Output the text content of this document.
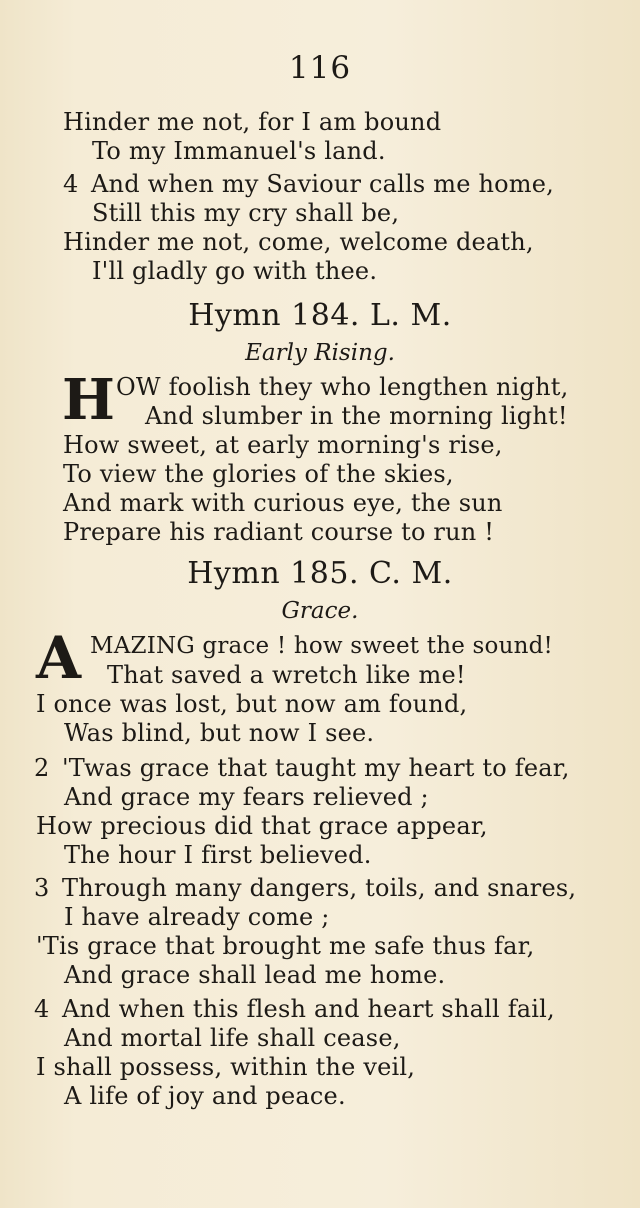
116
Hinder me not, for I am bound
To my Immanuel's land.
4 And when my Saviour calls me home,
Still this my cry shall be,
Hinder me not, come, welcome death,
I'll gladly go with thee.
Hymn 184. L. M.
Early Rising.
H OW foolish they who lengthen night,
And slumber in the morning light!
How sweet, at early morning's rise,
To view the glories of the skies,
And mark with curious eye, the sun
Prepare his radiant course to run !
Hymn 185. C. M.
Grace.
A MAZING grace ! how sweet the sound!
That saved a wretch like me!
I once was lost, but now am found,
Was blind, but now I see.
2 'Twas grace that taught my heart to fear,
And grace my fears relieved ;
How precious did that grace appear,
The hour I first believed.
3 Through many dangers, toils, and snares,
I have already come ;
'Tis grace that brought me safe thus far,
And grace shall lead me home.
4 And when this flesh and heart shall fail,
And mortal life shall cease,
I shall possess, within the veil,
A life of joy and peace.
